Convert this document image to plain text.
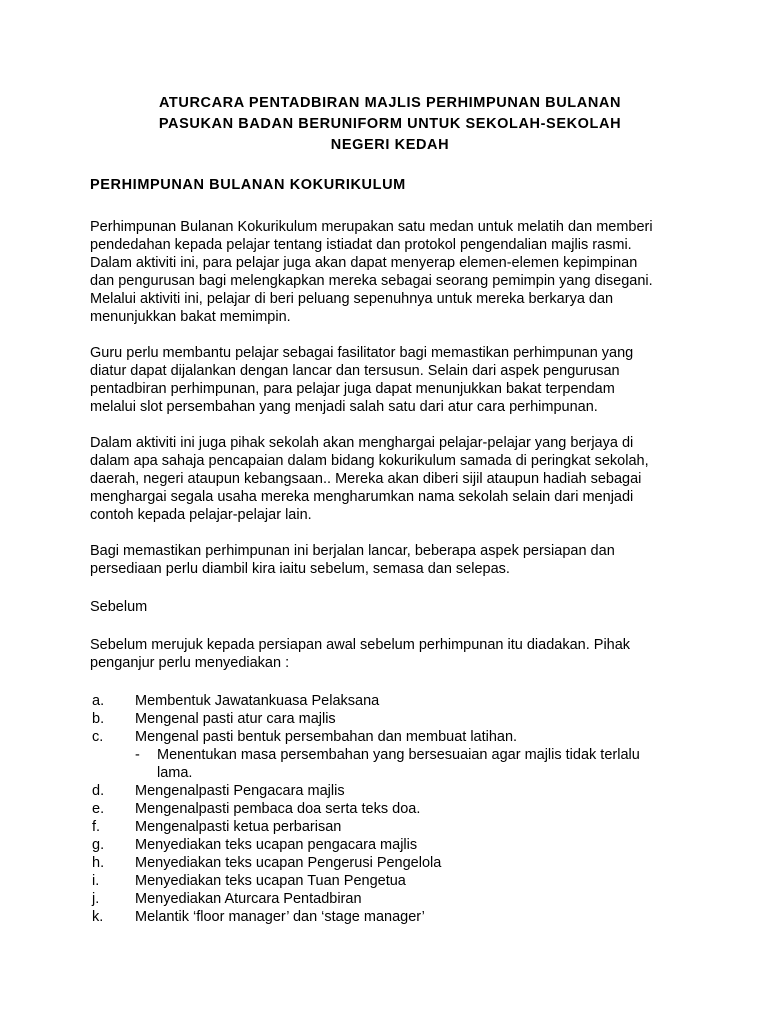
ATURCARA PENTADBIRAN MAJLIS PERHIMPUNAN BULANAN
PASUKAN BADAN BERUNIFORM UNTUK SEKOLAH-SEKOLAH
NEGERI KEDAH
PERHIMPUNAN BULANAN KOKURIKULUM

Perhimpunan Bulanan Kokurikulum merupakan satu medan untuk melatih dan memberi
pendedahan kepada pelajar tentang istiadat dan protokol pengendalian majlis rasmi.
Dalam aktiviti ini, para pelajar juga akan dapat menyerap elemen-elemen kepimpinan
dan pengurusan bagi melengkapkan mereka sebagai seorang pemimpin yang disegani.
Melalui aktiviti ini, pelajar di beri peluang sepenuhnya untuk mereka berkarya dan
menunjukkan bakat memimpin.

Guru perlu membantu pelajar sebagai fasilitator bagi memastikan perhimpunan yang
diatur dapat dijalankan dengan lancar dan tersusun. Selain dari aspek pengurusan
pentadbiran perhimpunan, para pelajar juga dapat menunjukkan bakat terpendam
melalui slot persembahan yang menjadi salah satu dari atur cara perhimpunan.

Dalam aktiviti ini juga pihak sekolah akan menghargai pelajar-pelajar yang berjaya di
dalam apa sahaja pencapaian dalam bidang kokurikulum samada di peringkat sekolah,
daerah, negeri ataupun kebangsaan.. Mereka akan diberi sijil ataupun hadiah sebagai
menghargai segala usaha mereka mengharumkan nama sekolah selain dari menjadi
contoh kepada pelajar-pelajar lain.

Bagi memastikan perhimpunan ini berjalan lancar, beberapa aspek persiapan dan
persediaan perlu diambil kira iaitu sebelum, semasa dan selepas.

Sebelum

Sebelum merujuk kepada persiapan awal sebelum perhimpunan itu diadakan. Pihak
penganjur perlu menyediakan :

a. Membentuk Jawatankuasa Pelaksana
b. Mengenal pasti atur cara majlis
c. Mengenal pasti bentuk persembahan dan membuat latihan.
- Menentukan masa persembahan yang bersesuaian agar majlis tidak terlalu
lama.
d. Mengenalpasti Pengacara majlis
e. Mengenalpasti pembaca doa serta teks doa.
f. Mengenalpasti ketua perbarisan
g. Menyediakan teks ucapan pengacara majlis
h. Menyediakan teks ucapan Pengerusi Pengelola
i. Menyediakan teks ucapan Tuan Pengetua
j. Menyediakan Aturcara Pentadbiran
k. Melantik ‘floor manager’ dan ‘stage manager’
